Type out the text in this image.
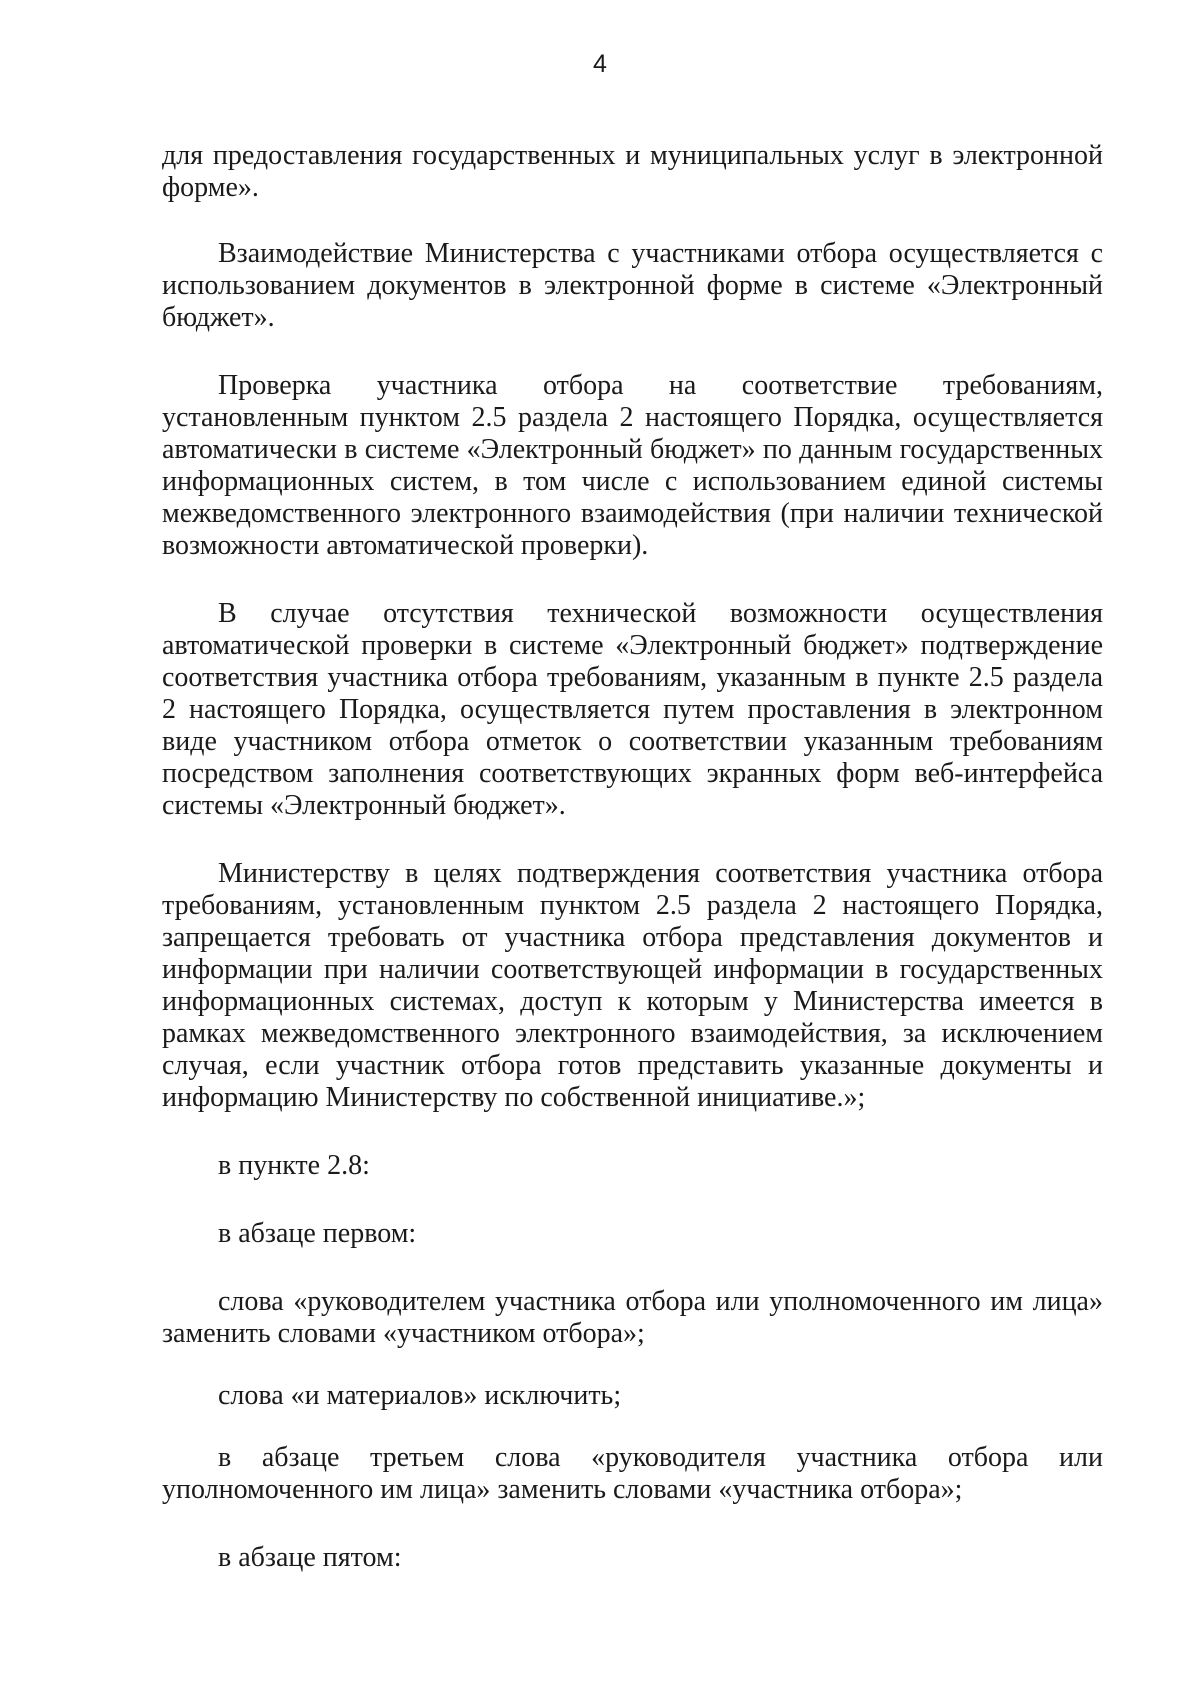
4

для предоставления государственных и муниципальных услуг в электронной форме».

Взаимодействие Министерства с участниками отбора осуществляется с использованием документов в электронной форме в системе «Электронный бюджет».

Проверка участника отбора на соответствие требованиям, установленным пунктом 2.5 раздела 2 настоящего Порядка, осуществляется автоматически в системе «Электронный бюджет» по данным государственных информационных систем, в том числе с использованием единой системы межведомственного электронного взаимодействия (при наличии технической возможности автоматической проверки).

В случае отсутствия технической возможности осуществления автоматической проверки в системе «Электронный бюджет» подтверждение соответствия участника отбора требованиям, указанным в пункте 2.5 раздела 2 настоящего Порядка, осуществляется путем проставления в электронном виде участником отбора отметок о соответствии указанным требованиям посредством заполнения соответствующих экранных форм веб-интерфейса системы «Электронный бюджет».

Министерству в целях подтверждения соответствия участника отбора требованиям, установленным пунктом 2.5 раздела 2 настоящего Порядка, запрещается требовать от участника отбора представления документов и информации при наличии соответствующей информации в государственных информационных системах, доступ к которым у Министерства имеется в рамках межведомственного электронного взаимодействия, за исключением случая, если участник отбора готов представить указанные документы и информацию Министерству по собственной инициативе.»;

в пункте 2.8:

в абзаце первом:

слова «руководителем участника отбора или уполномоченного им лица» заменить словами «участником отбора»;

слова «и материалов» исключить;

в абзаце третьем слова «руководителя участника отбора или уполномоченного им лица» заменить словами «участника отбора»;

в абзаце пятом:
